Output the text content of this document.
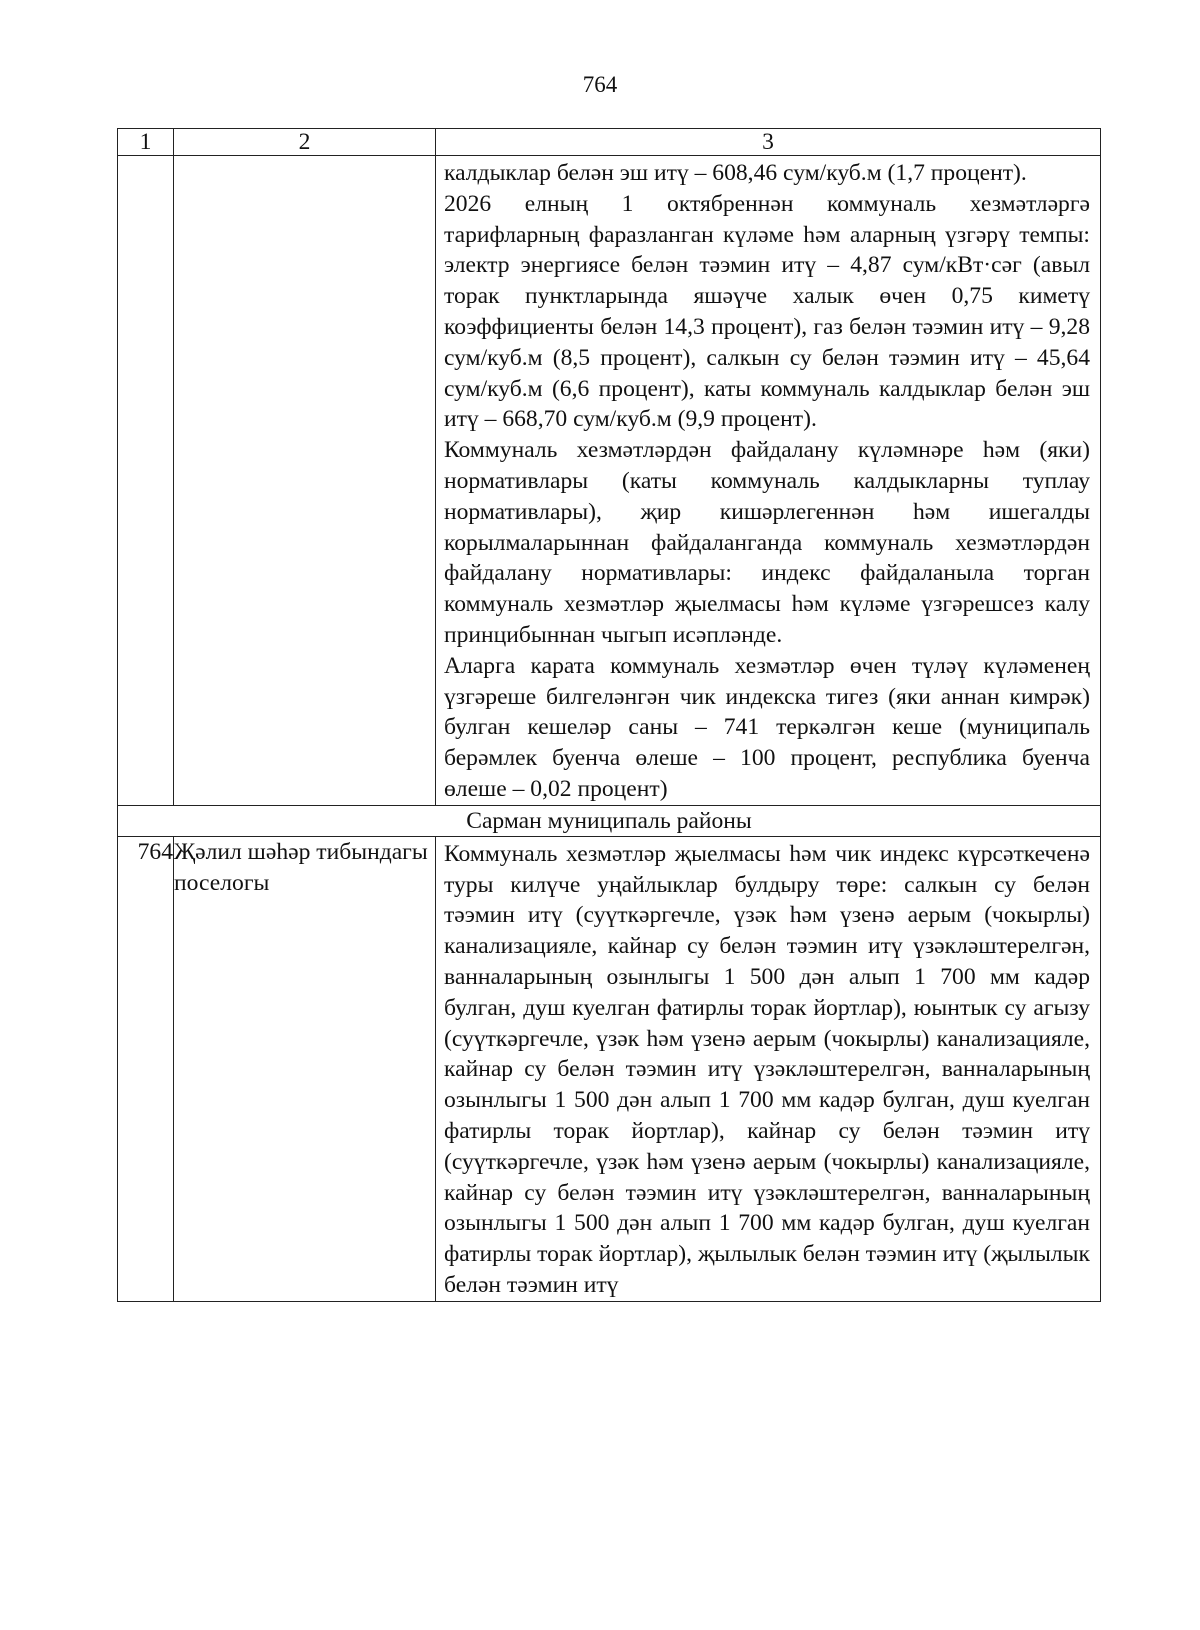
764
1	2	3

		калдыклар белән эш итү – 608,46 сум/куб.м (1,7 процент).

2026 елның 1 октябреннән коммуналь хезмәтләргә тарифларның фаразланган күләме һәм аларның үзгәрү темпы: электр энергиясе белән тәэмин итү – 4,87 сум/кВт·сәг (авыл торак пунктларында яшәүче халык өчен 0,75 киметү коэффициенты белән 14,3 процент), газ белән тәэмин итү – 9,28 сум/куб.м (8,5 процент), салкын су белән тәэмин итү – 45,64 сум/куб.м (6,6 процент), каты коммуналь калдыклар белән эш итү – 668,70 сум/куб.м (9,9 процент).

Коммуналь хезмәтләрдән файдалану күләмнәре һәм (яки) нормативлары (каты коммуналь калдыкларны туплау нормативлары), җир кишәрлегеннән һәм ишегалды корылмаларыннан файдаланганда коммуналь хезмәтләрдән файдалану нормативлары: индекс файдаланыла торган коммуналь хезмәтләр җыелмасы һәм күләме үзгәрешсез калу принцибыннан чыгып исәпләнде.

Аларга карата коммуналь хезмәтләр өчен түләү күләменең үзгәреше билгеләнгән чик индекска тигез (яки аннан кимрәк) булган кешеләр саны – 741 теркәлгән кеше (муниципаль берәмлек буенча өлеше – 100 процент, республика буенча өлеше – 0,02 процент)

Сарман муниципаль районы		
764	Җәлил шәһәр тибындагы поселогы	Коммуналь хезмәтләр җыелмасы һәм чик индекс күрсәткеченә туры килүче уңайлыклар булдыру төре: салкын су белән тәэмин итү (суүткәргечле, үзәк һәм үзенә аерым (чокырлы) канализацияле, кайнар су белән тәэмин итү үзәкләштерелгән, ванналарының озынлыгы 1 500 дән алып 1 700 мм кадәр булган, душ куелган фатирлы торак йортлар), юынтык су агызу (суүткәргечле, үзәк һәм үзенә аерым (чокырлы) канализацияле, кайнар су белән тәэмин итү үзәкләштерелгән, ванналарының озынлыгы 1 500 дән алып 1 700 мм кадәр булган, душ куелган фатирлы торак йортлар), кайнар су белән тәэмин итү (суүткәргечле, үзәк һәм үзенә аерым (чокырлы) канализацияле, кайнар су белән тәэмин итү үзәкләштерелгән, ванналарының озынлыгы 1 500 дән алып 1 700 мм кадәр булган, душ куелган фатирлы торак йортлар), җылылык белән тәэмин итү (җылылык белән тәэмин итү
